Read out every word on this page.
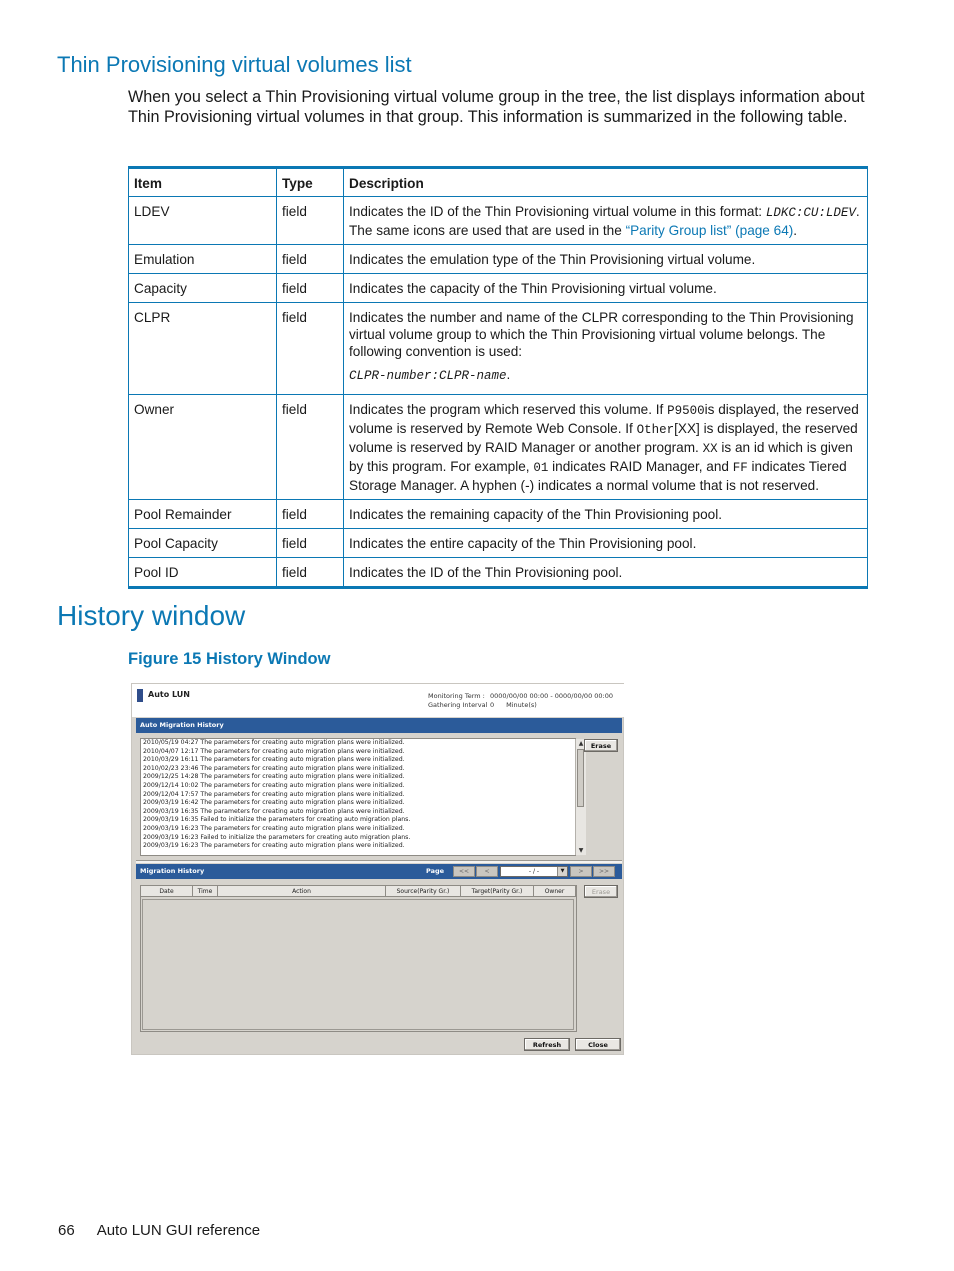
Thin Provisioning virtual volumes list

When you select a Thin Provisioning virtual volume group in the tree, the list displays information about Thin Provisioning virtual volumes in that group. This information is summarized in the following table.

Item	Type	Description
LDEV	field	Indicates the ID of the Thin Provisioning virtual volume in this format: LDKC:CU:LDEV. The same icons are used that are used in the “Parity Group list” (page 64).
Emulation	field	Indicates the emulation type of the Thin Provisioning virtual volume.
Capacity	field	Indicates the capacity of the Thin Provisioning virtual volume.
CLPR	field	Indicates the number and name of the CLPR corresponding to the Thin Provisioning virtual volume group to which the Thin Provisioning virtual volume belongs. The following convention is used:
CLPR-number:CLPR-name.

Owner	field	Indicates the program which reserved this volume. If P9500is displayed, the reserved volume is reserved by Remote Web Console. If Other[XX] is displayed, the reserved volume is reserved by RAID Manager or another program. XX is an id which is given by this program. For example, 01 indicates RAID Manager, and FF indicates Tiered Storage Manager. A hyphen (-) indicates a normal volume that is not reserved.
Pool Remainder	field	Indicates the remaining capacity of the Thin Provisioning pool.
Pool Capacity	field	Indicates the entire capacity of the Thin Provisioning pool.
Pool ID	field	Indicates the ID of the Thin Provisioning pool.
History window
Figure 15 History Window
Auto LUN	Monitoring Term : 0000/00/00 00:00 - 0000/00/00 00:00
Gathering Interval 0 Minute(s)
Auto Migration History
2010/05/19 04:27 The parameters for creating auto migration plans were initialized.
2010/04/07 12:17 The parameters for creating auto migration plans were initialized.
2010/03/29 16:11 The parameters for creating auto migration plans were initialized.
2010/02/23 23:46 The parameters for creating auto migration plans were initialized.
2009/12/25 14:28 The parameters for creating auto migration plans were initialized.
2009/12/14 10:02 The parameters for creating auto migration plans were initialized.
2009/12/04 17:57 The parameters for creating auto migration plans were initialized.
2009/03/19 16:42 The parameters for creating auto migration plans were initialized.
2009/03/19 16:35 The parameters for creating auto migration plans were initialized.
2009/03/19 16:35 Failed to initialize the parameters for creating auto migration plans.
2009/03/19 16:23 The parameters for creating auto migration plans were initialized.
2009/03/19 16:23 Failed to initialize the parameters for creating auto migration plans.
2009/03/19 16:23 The parameters for creating auto migration plans were initialized.
▲
▼
Erase
Migration History	Page	<<	<	- / -	▼	>	>>
Date	Time	Action	Source(Parity Gr.)	Target(Parity Gr.)	Owner	Erase
Refresh	Close
66 Auto LUN GUI reference
